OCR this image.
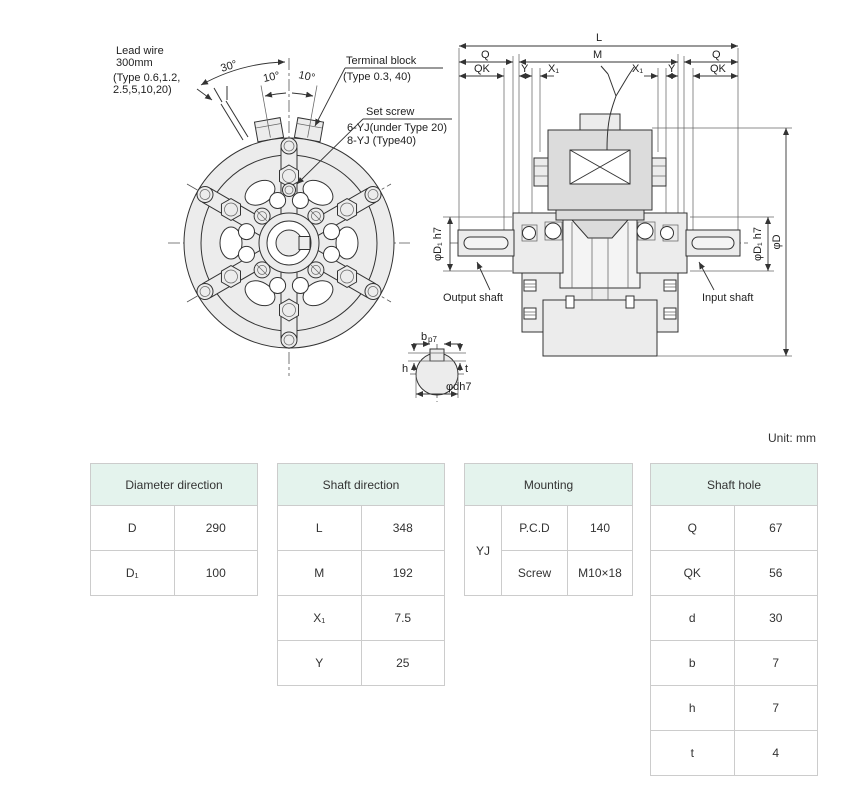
Lead wire
300mm
(Type 0.6,1.2,
2.5,5,10,20)
30°
10° 10°
Terminal block
(Type 0.3, 40)
Set screw
6-YJ(under Type 20)
8-YJ (Type40)
L
Q	M	Q
QK	Y X₁	X₁ Y	QK
φD₁ h7	φD₁ h7 φD
Output shaft	Input shaft
b p7
h	t
φdh7
Unit: mm
Diameter direction	
D	290
D₁	100
Shaft direction	
L	348
M	192
X₁	7.5
Y	25
Mounting		
YJ	P.C.D	140
	Screw	M10×18
Shaft hole	
Q	67
QK	56
d	30
b	7
h	7
t	4
